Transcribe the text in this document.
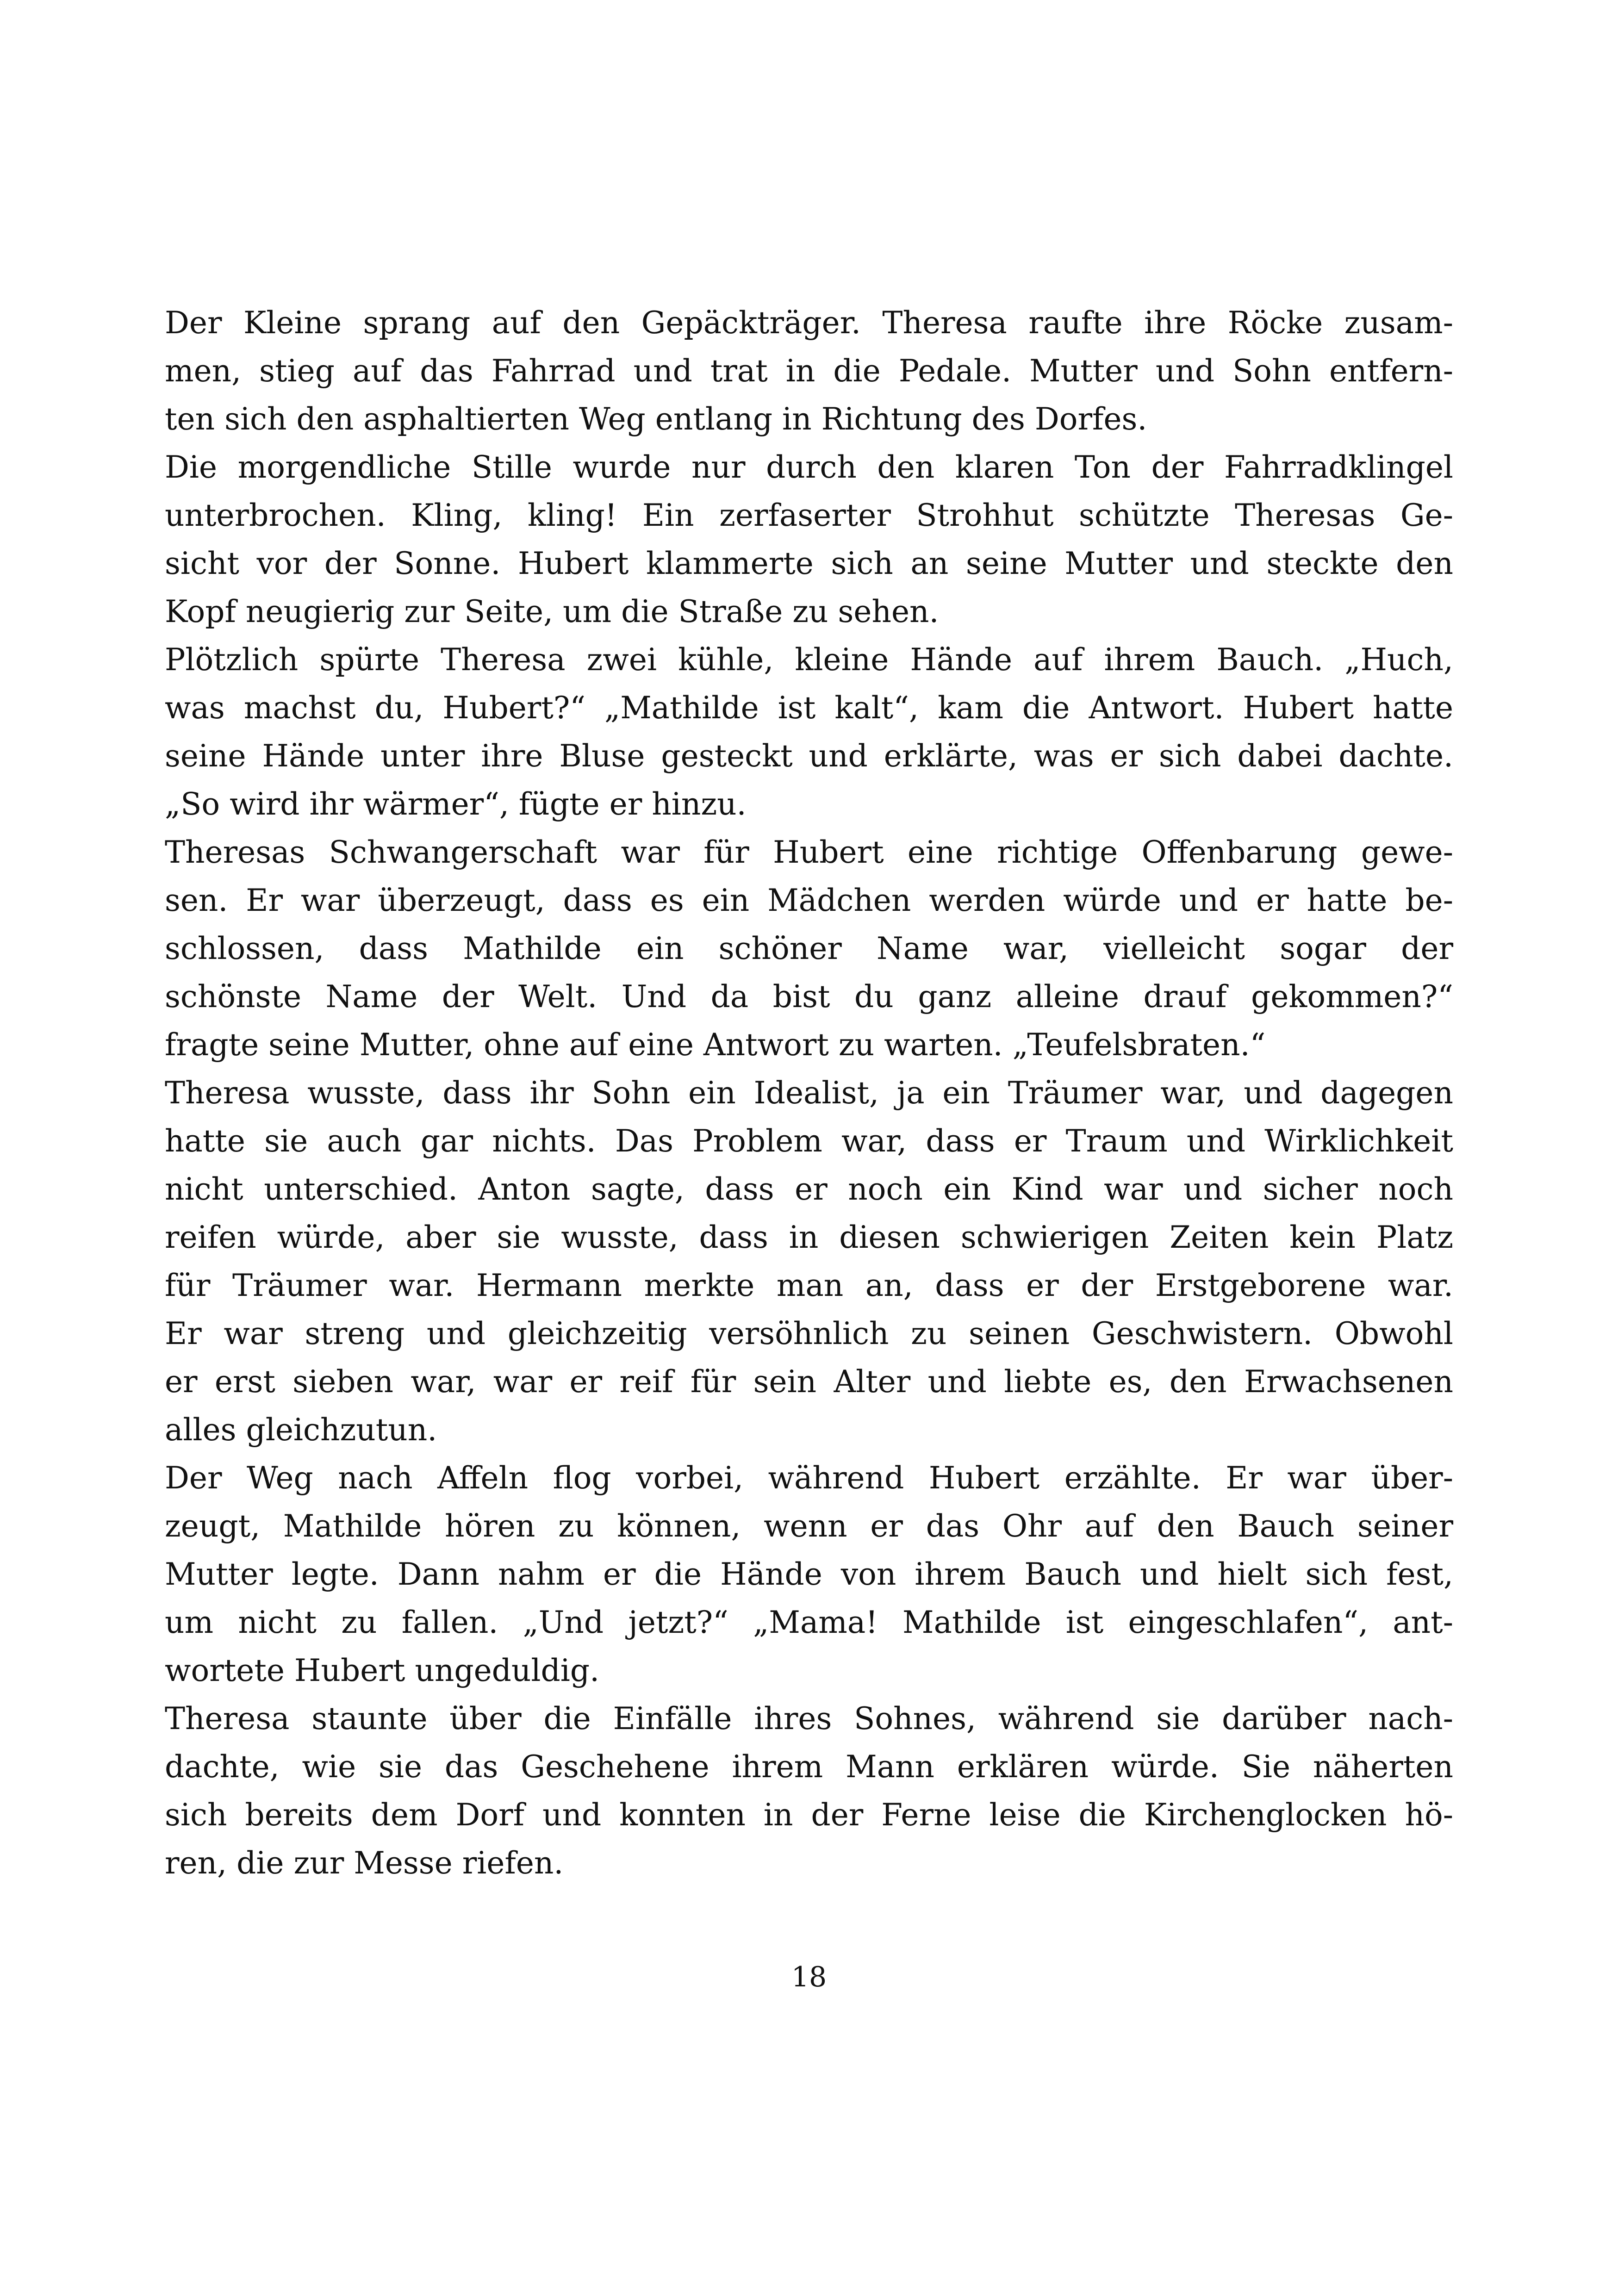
Der Kleine sprang auf den Gepäckträger. Theresa raufte ihre Röcke zusam-
men, stieg auf das Fahrrad und trat in die Pedale. Mutter und Sohn entfern-
ten sich den asphaltierten Weg entlang in Richtung des Dorfes.
Die morgendliche Stille wurde nur durch den klaren Ton der Fahrradklingel
unterbrochen. Kling, kling! Ein zerfaserter Strohhut schützte Theresas Ge-
sicht vor der Sonne. Hubert klammerte sich an seine Mutter und steckte den
Kopf neugierig zur Seite, um die Straße zu sehen.
Plötzlich spürte Theresa zwei kühle, kleine Hände auf ihrem Bauch. „Huch,
was machst du, Hubert?“ „Mathilde ist kalt“, kam die Antwort. Hubert hatte
seine Hände unter ihre Bluse gesteckt und erklärte, was er sich dabei dachte.
„So wird ihr wärmer“, fügte er hinzu.
Theresas Schwangerschaft war für Hubert eine richtige Offenbarung gewe-
sen. Er war überzeugt, dass es ein Mädchen werden würde und er hatte be-
schlossen, dass Mathilde ein schöner Name war, vielleicht sogar der
schönste Name der Welt. Und da bist du ganz alleine drauf gekommen?“
fragte seine Mutter, ohne auf eine Antwort zu warten. „Teufelsbraten.“
Theresa wusste, dass ihr Sohn ein Idealist, ja ein Träumer war, und dagegen
hatte sie auch gar nichts. Das Problem war, dass er Traum und Wirklichkeit
nicht unterschied. Anton sagte, dass er noch ein Kind war und sicher noch
reifen würde, aber sie wusste, dass in diesen schwierigen Zeiten kein Platz
für Träumer war. Hermann merkte man an, dass er der Erstgeborene war.
Er war streng und gleichzeitig versöhnlich zu seinen Geschwistern. Obwohl
er erst sieben war, war er reif für sein Alter und liebte es, den Erwachsenen
alles gleichzutun.
Der Weg nach Affeln flog vorbei, während Hubert erzählte. Er war über-
zeugt, Mathilde hören zu können, wenn er das Ohr auf den Bauch seiner
Mutter legte. Dann nahm er die Hände von ihrem Bauch und hielt sich fest,
um nicht zu fallen. „Und jetzt?“ „Mama! Mathilde ist eingeschlafen“, ant-
wortete Hubert ungeduldig.
Theresa staunte über die Einfälle ihres Sohnes, während sie darüber nach-
dachte, wie sie das Geschehene ihrem Mann erklären würde. Sie näherten
sich bereits dem Dorf und konnten in der Ferne leise die Kirchenglocken hö-
ren, die zur Messe riefen.
18
